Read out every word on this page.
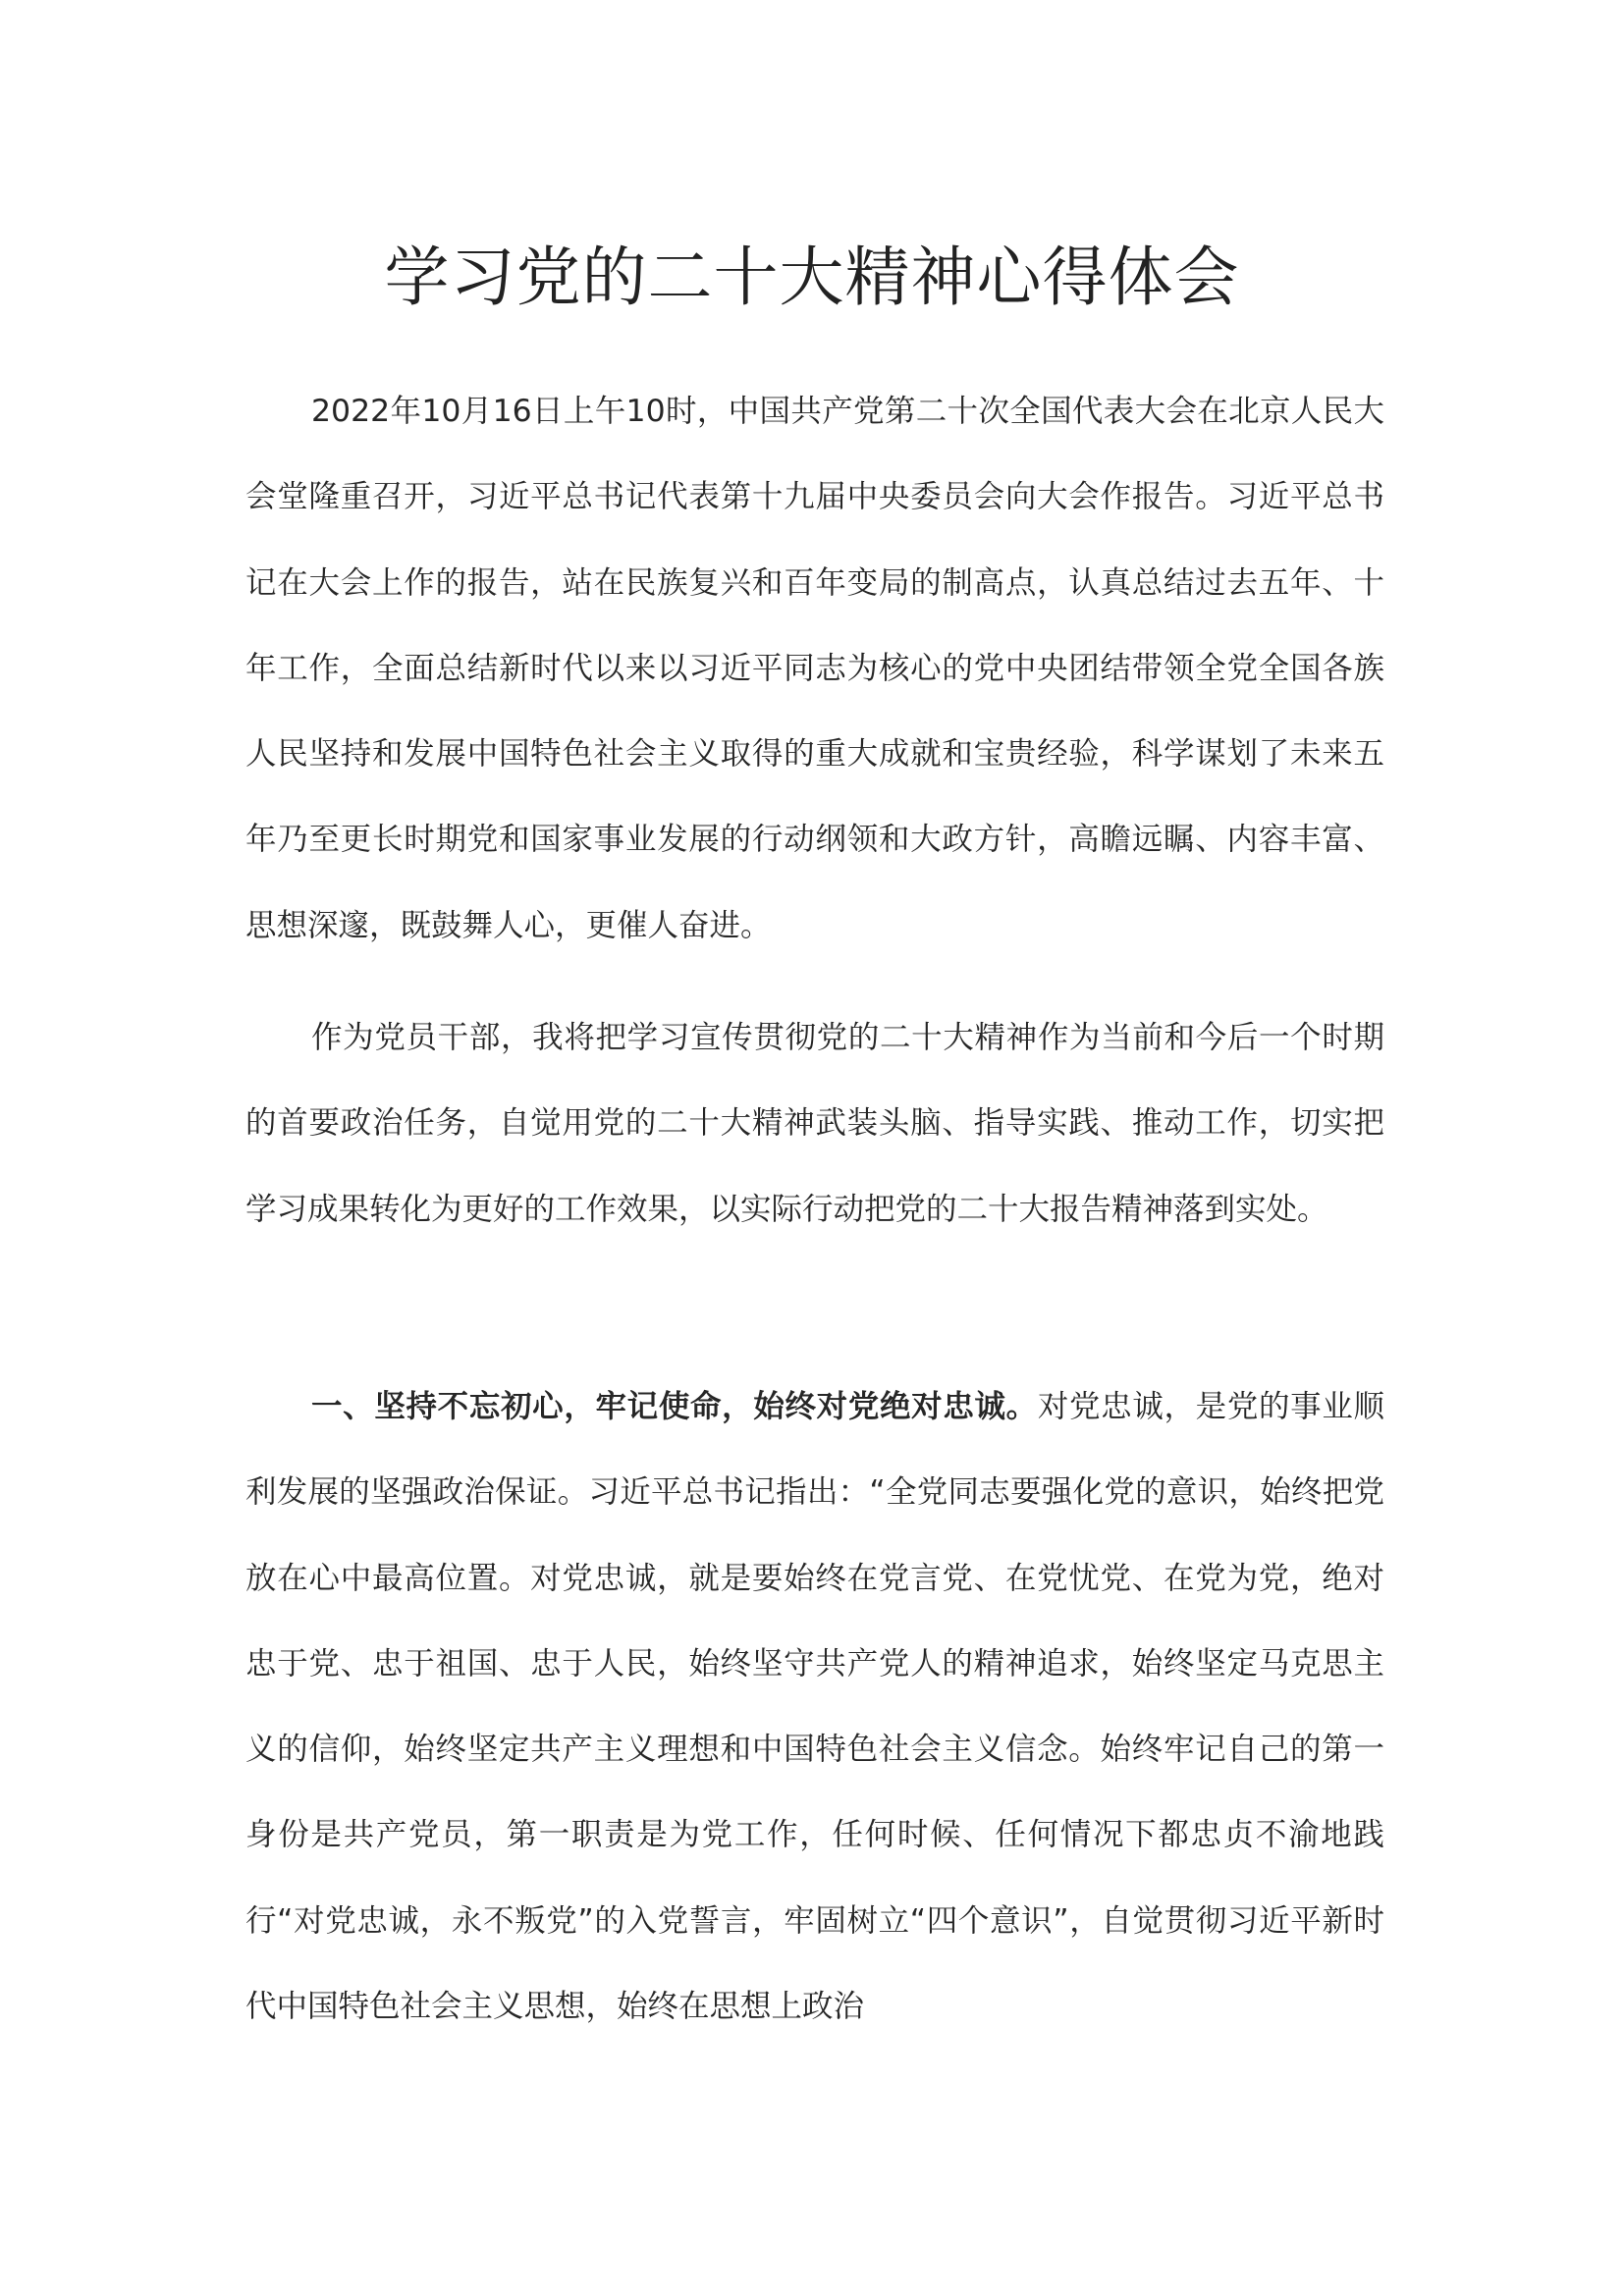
学习党的二十大精神心得体会

2022年10月16日上午10时，中国共产党第二十次全国代表大会在北京人民大会堂隆重召开，习近平总书记代表第十九届中央委员会向大会作报告。习近平总书记在大会上作的报告，站在民族复兴和百年变局的制高点，认真总结过去五年、十年工作，全面总结新时代以来以习近平同志为核心的党中央团结带领全党全国各族人民坚持和发展中国特色社会主义取得的重大成就和宝贵经验，科学谋划了未来五年乃至更长时期党和国家事业发展的行动纲领和大政方针，高瞻远瞩、内容丰富、思想深邃，既鼓舞人心，更催人奋进。

作为党员干部，我将把学习宣传贯彻党的二十大精神作为当前和今后一个时期的首要政治任务，自觉用党的二十大精神武装头脑、指导实践、推动工作，切实把学习成果转化为更好的工作效果，以实际行动把党的二十大报告精神落到实处。

一、坚持不忘初心，牢记使命，始终对党绝对忠诚。对党忠诚，是党的事业顺利发展的坚强政治保证。习近平总书记指出：“全党同志要强化党的意识，始终把党放在心中最高位置。对党忠诚，就是要始终在党言党、在党忧党、在党为党，绝对忠于党、忠于祖国、忠于人民，始终坚守共产党人的精神追求，始终坚定马克思主义的信仰，始终坚定共产主义理想和中国特色社会主义信念。始终牢记自己的第一身份是共产党员，第一职责是为党工作，任何时候、任何情况下都忠贞不渝地践行“对党忠诚，永不叛党”的入党誓言，牢固树立“四个意识”，自觉贯彻习近平新时代中国特色社会主义思想，始终在思想上政治
